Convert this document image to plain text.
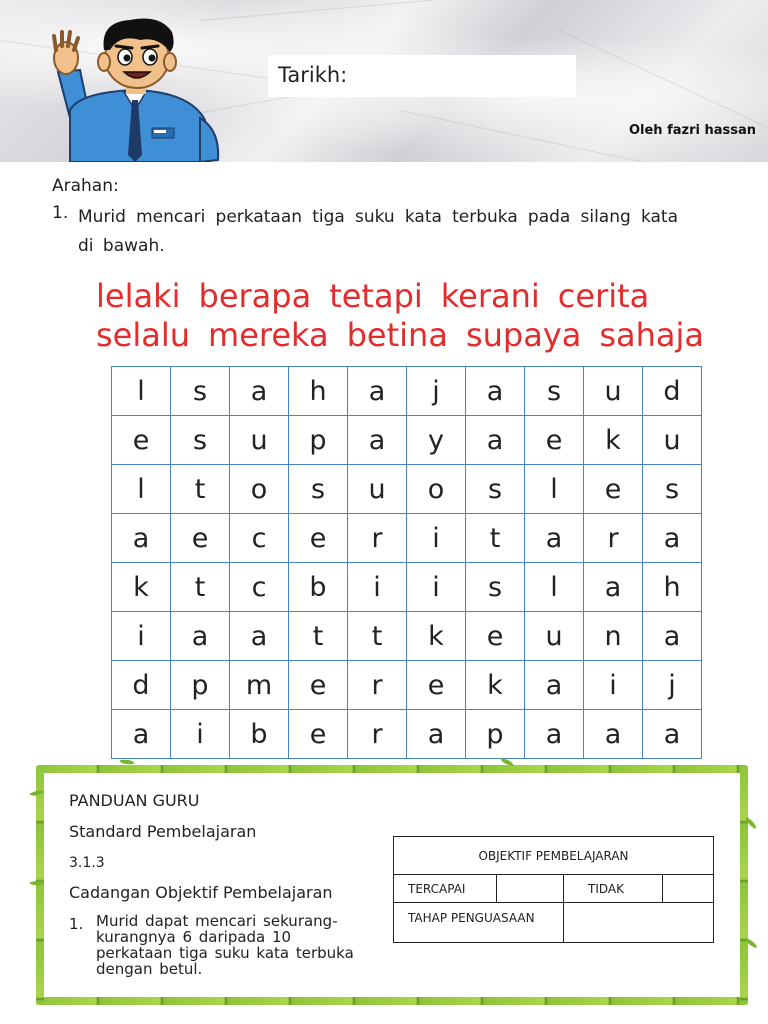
Tarikh:
Oleh fazri hassan
Arahan:
1. Murid mencari perkataan tiga suku kata terbuka pada silang kata di bawah.
lelaki berapa tetapi kerani cerita
selalu mereka betina supaya sahaja
l	s	a	h	a	j	a	s	u	d
e	s	u	p	a	y	a	e	k	u
l	t	o	s	u	o	s	l	e	s
a	e	c	e	r	i	t	a	r	a
k	t	c	b	i	i	s	l	a	h
i	a	a	t	t	k	e	u	n	a
d	p	m	e	r	e	k	a	i	j
a	i	b	e	r	a	p	a	a	a
PANDUAN GURU
Standard Pembelajaran
3.1.3
Cadangan Objektif Pembelajaran
1. Murid dapat mencari sekurang-kurangnya 6 daripada 10 perkataan tiga suku kata terbuka dengan betul.
OBJEKTIF PEMBELAJARAN			
TERCAPAI		TIDAK	
TAHAP PENGUASAAN			
